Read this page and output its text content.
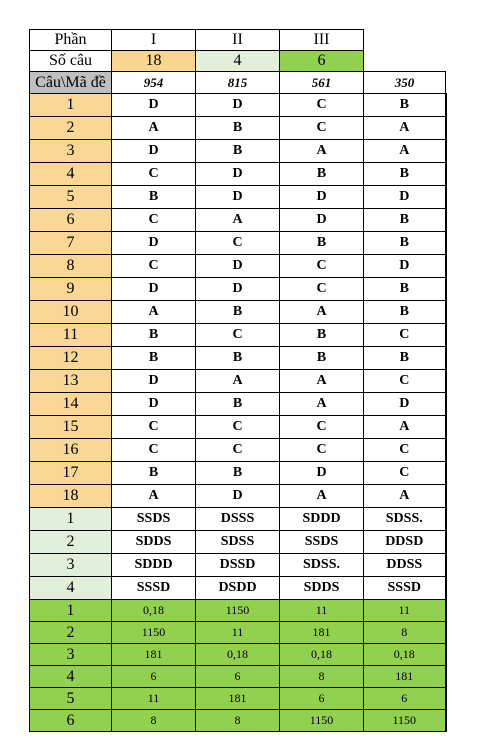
Phần	I	II	III	
Số câu	18	4	6	
Câu\Mã đề	954	815	561	350
1	D	D	C	B
2	A	B	C	A
3	D	B	A	A
4	C	D	B	B
5	B	D	D	D
6	C	A	D	B
7	D	C	B	B
8	C	D	C	D
9	D	D	C	B
10	A	B	A	B
11	B	C	B	C
12	B	B	B	B
13	D	A	A	C
14	D	B	A	D
15	C	C	C	A
16	C	C	C	C
17	B	B	D	C
18	A	D	A	A
1	SSDS	DSSS	SDDD	SDSS.
2	SDDS	SDSS	SSDS	DDSD
3	SDDD	DSSD	SDSS.	DDSS
4	SSSD	DSDD	SDDS	SSSD
1	0,18	1150	11	11
2	1150	11	181	8
3	181	0,18	0,18	0,18
4	6	6	8	181
5	11	181	6	6
6	8	8	1150	1150
